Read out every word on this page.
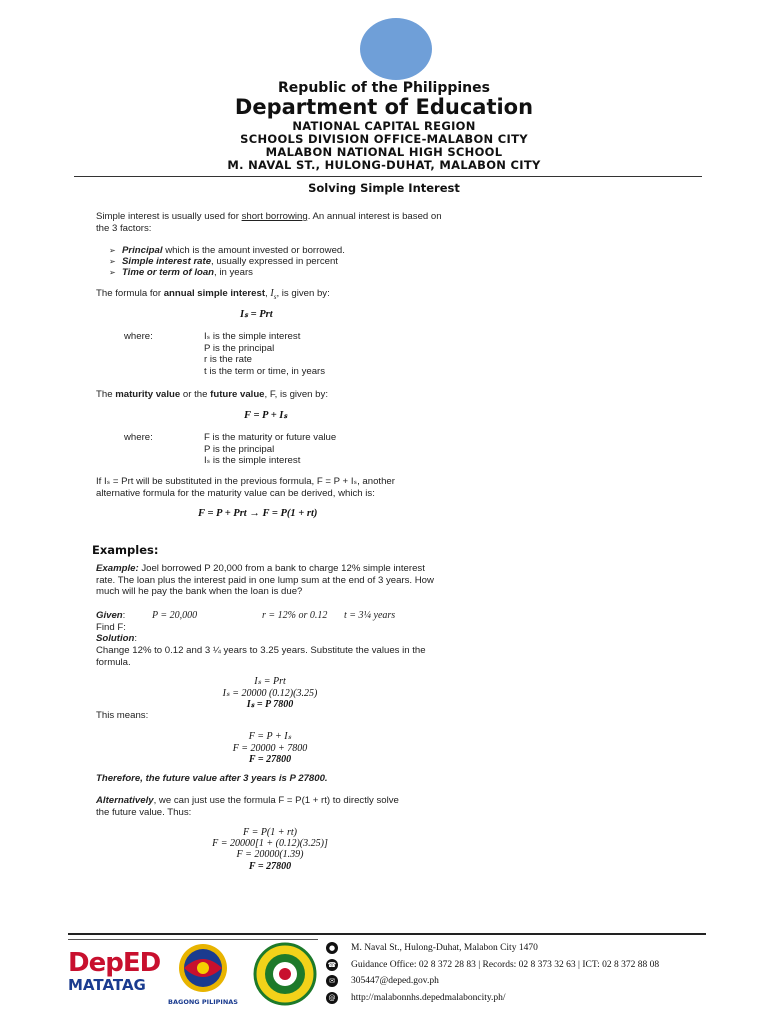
Republic of the Philippines
Department of Education
NATIONAL CAPITAL REGION
SCHOOLS DIVISION OFFICE-MALABON CITY
MALABON NATIONAL HIGH SCHOOL
M. NAVAL ST., HULONG-DUHAT, MALABON CITY
Solving Simple Interest

Simple interest is usually used for short borrowing. An annual interest is based on the 3 factors:

➢ Principal which is the amount invested or borrowed.
➢ Simple interest rate, usually expressed in percent
➢ Time or term of loan, in years

The formula for annual simple interest, $I_s$, is given by:

Iₛ = Prt
where:	Iₛ is the simple interest
P is the principal
r is the rate
t is the term or time, in years

The maturity value or the future value, F, is given by:

F = P + Iₛ
where:	F is the maturity or future value
P is the principal
Iₛ is the simple interest

If Iₛ = Prt will be substituted in the previous formula, F = P + Iₛ, another

alternative formula for the maturity value can be derived, which is:

F = P + Prt → F = P(1 + rt)
Examples:

Example: Joel borrowed P 20,000 from a bank to charge 12% simple interest rate. The loan plus the interest paid in one lump sum at the end of 3 years. How much will he pay the bank when the loan is due?

Given:	P = 20,000	r = 12% or 0.12 t = 3¼ years
Find F:
Solution:
Change 12% to 0.12 and 3 ¼ years to 3.25 years. Substitute the values in the formula.
Iₛ = Prt
Iₛ = 20000 (0.12)(3.25)
Iₛ = P 7800
This means:
F = P + Iₛ
F = 20000 + 7800
F = 27800
Therefore, the future value after 3 years is P 27800.

Alternatively, we can just use the formula F = P(1 + rt) to directly solve

the future value. Thus:

F = P(1 + rt)
F = 20000[1 + (0.12)(3.25)]
F = 20000(1.39)
F = 27800
DepED
MATATAG
BAGONG PILIPINAS
●	M. Naval St., Hulong-Duhat, Malabon City 1470
☎ Guidance Office: 02 8 372 28 83 | Records: 02 8 373 32 63 | ICT: 02 8 372 88 08
✉	305447@deped.gov.ph
@ http://malabonnhs.depedmalaboncity.ph/
